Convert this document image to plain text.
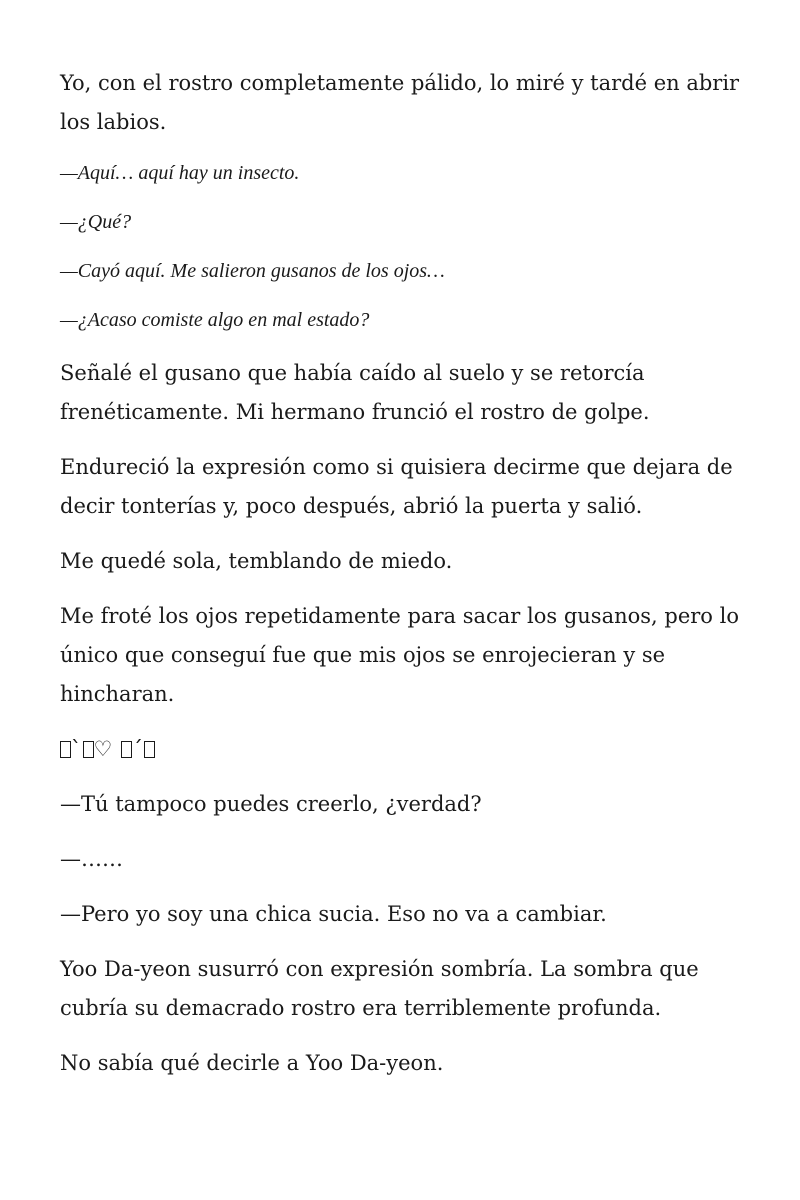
Yo, con el rostro completamente pálido, lo miré y tardé en abrir los labios.

—Aquí… aquí hay un insecto.

—¿Qué?

—Cayó aquí. Me salieron gusanos de los ojos…

—¿Acaso comiste algo en mal estado?

Señalé el gusano que había caído al suelo y se retorcía frenéticamente. Mi hermano frunció el rostro de golpe.

Endureció la expresión como si quisiera decirme que dejara de decir tonterías y, poco después, abrió la puerta y salió.

Me quedé sola, temblando de miedo.

Me froté los ojos repetidamente para sacar los gusanos, pero lo único que conseguí fue que mis ojos se enrojecieran y se hincharan.

` ♡ ´

—Tú tampoco puedes creerlo, ¿verdad?

—……

—Pero yo soy una chica sucia. Eso no va a cambiar.

Yoo Da-yeon susurró con expresión sombría. La sombra que cubría su demacrado rostro era terriblemente profunda.

No sabía qué decirle a Yoo Da-yeon.
